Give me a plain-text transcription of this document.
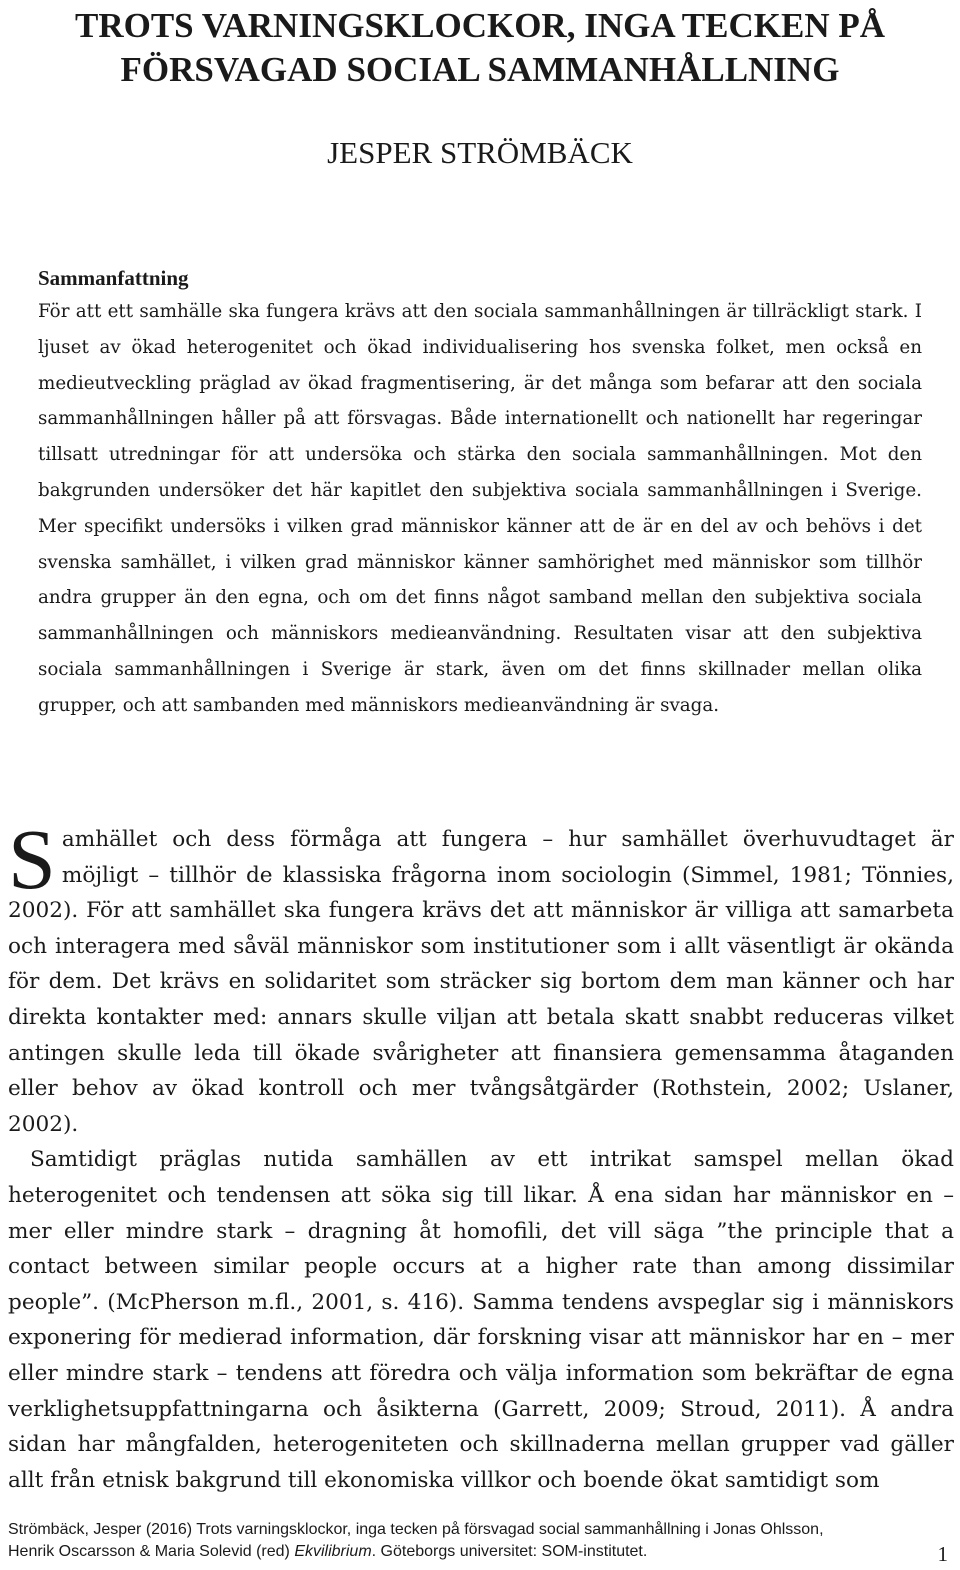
TROTS VARNINGSKLOCKOR, INGA TECKEN PÅ FÖRSVAGAD SOCIAL SAMMANHÅLLNING
JESPER STRÖMBÄCK
Sammanfattning

För att ett samhälle ska fungera krävs att den sociala sammanhållningen är tillräckligt stark. I ljuset av ökad heterogenitet och ökad individualisering hos svenska folket, men också en medieutveckling präglad av ökad fragmentisering, är det många som befarar att den sociala sammanhållningen håller på att försvagas. Både internationellt och nationellt har regeringar tillsatt utredningar för att undersöka och stärka den sociala sammanhållningen. Mot den bakgrunden undersöker det här kapitlet den subjektiva sociala sammanhållningen i Sverige. Mer specifikt undersöks i vilken grad människor känner att de är en del av och behövs i det svenska samhället, i vilken grad människor känner samhörighet med människor som tillhör andra grupper än den egna, och om det finns något samband mellan den subjektiva sociala sammanhållningen och människors medieanvändning. Resultaten visar att den subjektiva sociala sammanhållningen i Sverige är stark, även om det finns skillnader mellan olika grupper, och att sambanden med människors medieanvändning är svaga.

Samhället och dess förmåga att fungera – hur samhället överhuvudtaget är möjligt – tillhör de klassiska frågorna inom sociologin (Simmel, 1981; Tönnies, 2002). För att samhället ska fungera krävs det att människor är villiga att samarbeta och interagera med såväl människor som institutioner som i allt väsentligt är okända för dem. Det krävs en solidaritet som sträcker sig bortom dem man känner och har direkta kontakter med: annars skulle viljan att betala skatt snabbt reduceras vilket antingen skulle leda till ökade svårigheter att finansiera gemensamma åtaganden eller behov av ökad kontroll och mer tvångsåtgärder (Rothstein, 2002; Uslaner, 2002).

Samtidigt präglas nutida samhällen av ett intrikat samspel mellan ökad heterogenitet och tendensen att söka sig till likar. Å ena sidan har människor en – mer eller mindre stark – dragning åt homofili, det vill säga ”the principle that a contact between similar people occurs at a higher rate than among dissimilar people”. (McPherson m.fl., 2001, s. 416). Samma tendens avspeglar sig i människors exponering för medierad information, där forskning visar att människor har en – mer eller mindre stark – tendens att föredra och välja information som bekräftar de egna verklighetsuppfattningarna och åsikterna (Garrett, 2009; Stroud, 2011). Å andra sidan har mångfalden, heterogeniteten och skillnaderna mellan grupper vad gäller allt från etnisk bakgrund till ekonomiska villkor och boende ökat samtidigt som

Strömbäck, Jesper (2016) Trots varningsklockor, inga tecken på försvagad social sammanhållning i Jonas Ohlsson,
Henrik Oscarsson & Maria Solevid (red) Ekvilibrium. Göteborgs universitet: SOM-institutet.	1
